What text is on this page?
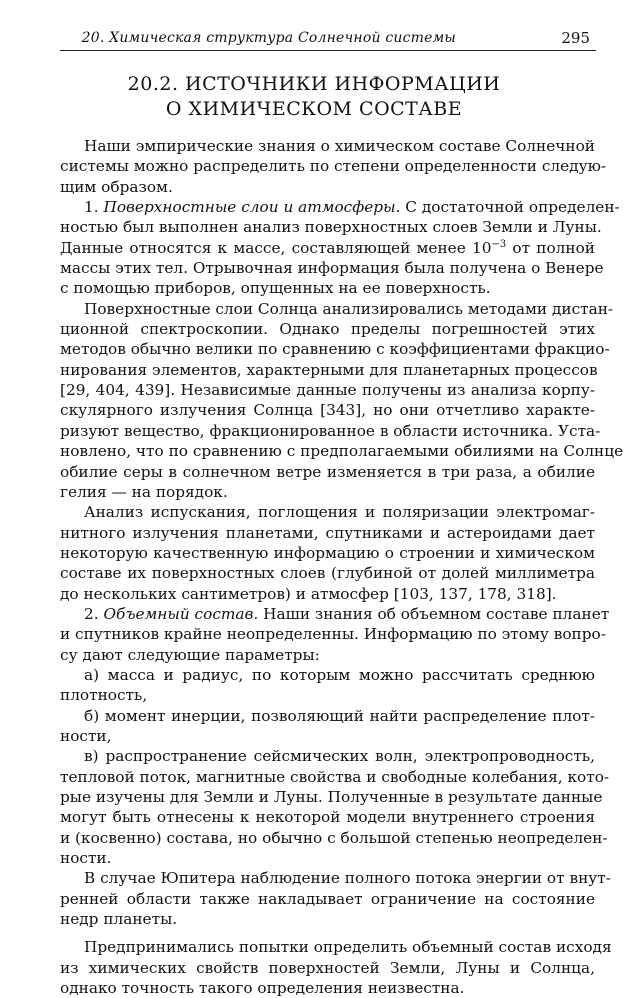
20. Химическая структура Солнечной системы	295
20.2. ИСТОЧНИКИ ИНФОРМАЦИИ
О ХИМИЧЕСКОМ СОСТАВЕ
Наши эмпирические знания о химическом составе Солнечной
системы можно распределить по степени определенности следую-
щим образом.
1. Поверхностные слои и атмосферы. С достаточной определен-
ностью был выполнен анализ поверхностных слоев Земли и Луны.
Данные относятся к массе, составляющей менее $10^{-3}$ от полной
массы этих тел. Отрывочная информация была получена о Венере
с помощью приборов, опущенных на ее поверхность.
Поверхностные слои Солнца анализировались методами дистан-
ционной спектроскопии. Однако пределы погрешностей этих
методов обычно велики по сравнению с коэффициентами фракцио-
нирования элементов, характерными для планетарных процессов
[29, 404, 439]. Независимые данные получены из анализа корпу-
скулярного излучения Солнца [343], но они отчетливо характе-
ризуют вещество, фракционированное в области источника. Уста-
новлено, что по сравнению с предполагаемыми обилиями на Солнце
обилие серы в солнечном ветре изменяется в три раза, а обилие
гелия — на порядок.
Анализ испускания, поглощения и поляризации электромаг-
нитного излучения планетами, спутниками и астероидами дает
некоторую качественную информацию о строении и химическом
составе их поверхностных слоев (глубиной от долей миллиметра
до нескольких сантиметров) и атмосфер [103, 137, 178, 318].
2. Объемный состав. Наши знания об объемном составе планет
и спутников крайне неопределенны. Информацию по этому вопро-
су дают следующие параметры:
а) масса и радиус, по которым можно рассчитать среднюю
плотность,
б) момент инерции, позволяющий найти распределение плот-
ности,
в) распространение сейсмических волн, электропроводность,
тепловой поток, магнитные свойства и свободные колебания, кото-
рые изучены для Земли и Луны. Полученные в результате данные
могут быть отнесены к некоторой модели внутреннего строения
и (косвенно) состава, но обычно с большой степенью неопределен-
ности.
В случае Юпитера наблюдение полного потока энергии от внут-
ренней области также накладывает ограничение на состояние
недр планеты.
Предпринимались попытки определить объемный состав исходя
из химических свойств поверхностей Земли, Луны и Солнца,
однако точность такого определения неизвестна.
